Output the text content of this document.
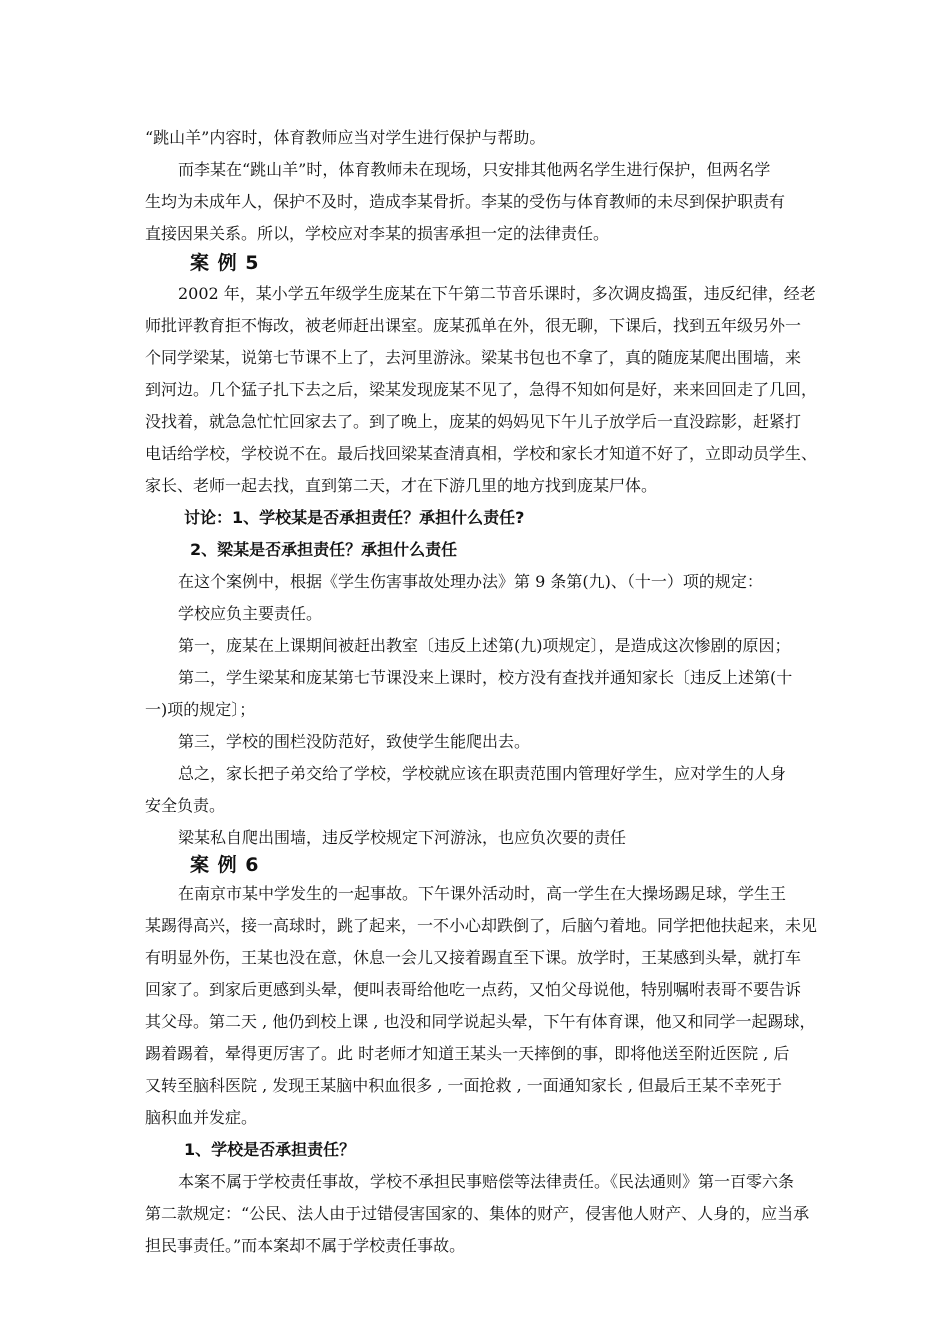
“跳山羊”内容时，体育教师应当对学生进行保护与帮助。
而李某在“跳山羊”时，体育教师未在现场，只安排其他两名学生进行保护，但两名学
生均为未成年人，保护不及时，造成李某骨折。李某的受伤与体育教师的未尽到保护职责有
直接因果关系。所以，学校应对李某的损害承担一定的法律责任。
案 例 5
2002 年，某小学五年级学生庞某在下午第二节音乐课时，多次调皮捣蛋，违反纪律，经老
师批评教育拒不悔改，被老师赶出课室。庞某孤单在外，很无聊，下课后，找到五年级另外一
个同学梁某，说第七节课不上了，去河里游泳。梁某书包也不拿了，真的随庞某爬出围墙，来
到河边。几个猛子扎下去之后，梁某发现庞某不见了，急得不知如何是好，来来回回走了几回，
没找着，就急急忙忙回家去了。到了晚上，庞某的妈妈见下午儿子放学后一直没踪影，赶紧打
电话给学校，学校说不在。最后找回梁某查清真相，学校和家长才知道不好了，立即动员学生、
家长、老师一起去找，直到第二天，才在下游几里的地方找到庞某尸体。
讨论：1、学校某是否承担责任？承担什么责任?
2、梁某是否承担责任？承担什么责任
在这个案例中，根据《学生伤害事故处理办法》第 9 条第(九)、（十一）项的规定：
学校应负主要责任。
第一，庞某在上课期间被赶出教室〔违反上述第(九)项规定〕，是造成这次惨剧的原因；
第二，学生梁某和庞某第七节课没来上课时，校方没有查找并通知家长〔违反上述第(十
一)项的规定〕；
第三，学校的围栏没防范好，致使学生能爬出去。
总之，家长把子弟交给了学校，学校就应该在职责范围内管理好学生，应对学生的人身
安全负责。
梁某私自爬出围墙，违反学校规定下河游泳，也应负次要的责任
案 例 6
在南京市某中学发生的一起事故。下午课外活动时，高一学生在大操场踢足球，学生王
某踢得高兴，接一高球时，跳了起来，一不小心却跌倒了，后脑勺着地。同学把他扶起来，未见
有明显外伤，王某也没在意，休息一会儿又接着踢直至下课。放学时，王某感到头晕，就打车
回家了。到家后更感到头晕，便叫表哥给他吃一点药，又怕父母说他，特别嘱咐表哥不要告诉
其父母。第二天 , 他仍到校上课 , 也没和同学说起头晕，下午有体育课，他又和同学一起踢球，
踢着踢着，晕得更厉害了。此 时老师才知道王某头一天摔倒的事，即将他送至附近医院 , 后
又转至脑科医院 , 发现王某脑中积血很多 , 一面抢救 , 一面通知家长 , 但最后王某不幸死于
脑积血并发症。
1、学校是否承担责任？
本案不属于学校责任事故，学校不承担民事赔偿等法律责任。《民法通则》第一百零六条
第二款规定：“公民、法人由于过错侵害国家的、集体的财产，侵害他人财产、人身的，应当承
担民事责任。”而本案却不属于学校责任事故。
